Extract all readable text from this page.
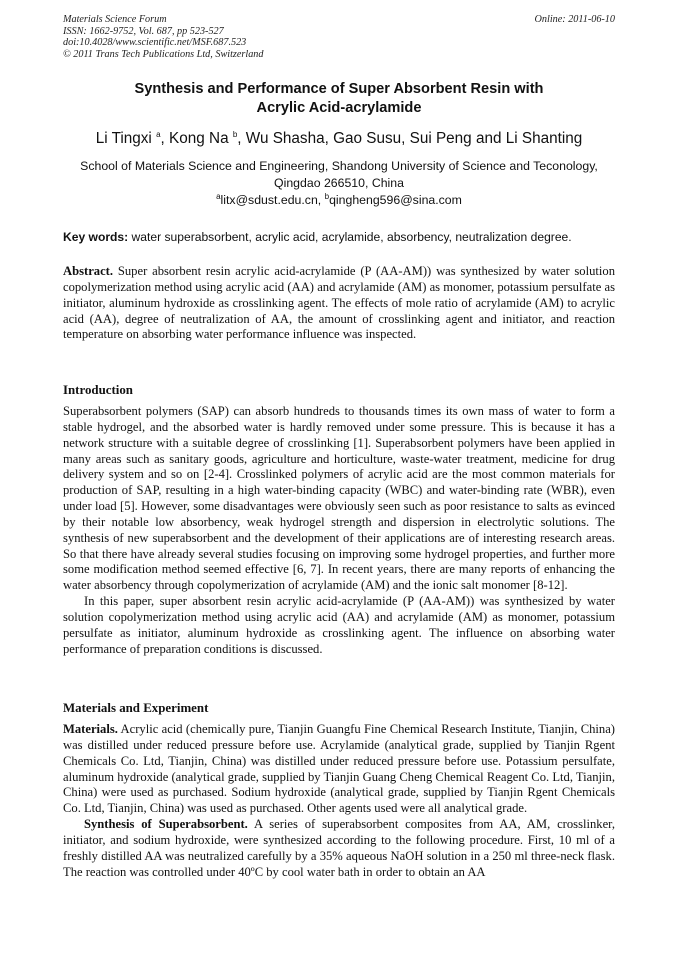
Materials Science Forum
ISSN: 1662-9752, Vol. 687, pp 523-527
doi:10.4028/www.scientific.net/MSF.687.523
© 2011 Trans Tech Publications Ltd, Switzerland
Online: 2011-06-10
Synthesis and Performance of Super Absorbent Resin with
Acrylic Acid-acrylamide
Li Tingxi $^a$, Kong Na $^b$, Wu Shasha, Gao Susu, Sui Peng and Li Shanting
School of Materials Science and Engineering, Shandong University of Science and Teconology,
Qingdao 266510, China
$^a$litx@sdust.edu.cn, $^b$qingheng596@sina.com
Key words: water superabsorbent, acrylic acid, acrylamide, absorbency, neutralization degree.

Abstract. Super absorbent resin acrylic acid-acrylamide (P (AA-AM)) was synthesized by water solution copolymerization method using acrylic acid (AA) and acrylamide (AM) as monomer, potassium persulfate as initiator, aluminum hydroxide as crosslinking agent. The effects of mole ratio of acrylamide (AM) to acrylic acid (AA), degree of neutralization of AA, the amount of crosslinking agent and initiator, and reaction temperature on absorbing water performance influence was inspected.

Introduction

Superabsorbent polymers (SAP) can absorb hundreds to thousands times its own mass of water to form a stable hydrogel, and the absorbed water is hardly removed under some pressure. This is because it has a network structure with a suitable degree of crosslinking [1]. Superabsorbent polymers have been applied in many areas such as sanitary goods, agriculture and horticulture, waste-water treatment, medicine for drug delivery system and so on [2-4]. Crosslinked polymers of acrylic acid are the most common materials for production of SAP, resulting in a high water-binding capacity (WBC) and water-binding rate (WBR), even under load [5]. However, some disadvantages were obviously seen such as poor resistance to salts as evinced by their notable low absorbency, weak hydrogel strength and dispersion in electrolytic solutions. The synthesis of new superabsorbent and the development of their applications are of interesting research areas. So that there have already several studies focusing on improving some hydrogel properties, and further more some modification method seemed effective [6, 7]. In recent years, there are many reports of enhancing the water absorbency through copolymerization of acrylamide (AM) and the ionic salt monomer [8-12].

In this paper, super absorbent resin acrylic acid-acrylamide (P (AA-AM)) was synthesized by water solution copolymerization method using acrylic acid (AA) and acrylamide (AM) as monomer, potassium persulfate as initiator, aluminum hydroxide as crosslinking agent. The influence on absorbing water performance of preparation conditions is discussed.

Materials and Experiment

Materials. Acrylic acid (chemically pure, Tianjin Guangfu Fine Chemical Research Institute, Tianjin, China) was distilled under reduced pressure before use. Acrylamide (analytical grade, supplied by Tianjin Rgent Chemicals Co. Ltd, Tianjin, China) was distilled under reduced pressure before use. Potassium persulfate, aluminum hydroxide (analytical grade, supplied by Tianjin Guang Cheng Chemical Reagent Co. Ltd, Tianjin, China) were used as purchased. Sodium hydroxide (analytical grade, supplied by Tianjin Rgent Chemicals Co. Ltd, Tianjin, China) was used as purchased. Other agents used were all analytical grade.

Synthesis of Superabsorbent. A series of superabsorbent composites from AA, AM, crosslinker, initiator, and sodium hydroxide, were synthesized according to the following procedure. First, 10 ml of a freshly distilled AA was neutralized carefully by a 35% aqueous NaOH solution in a 250 ml three-neck flask. The reaction was controlled under 40ºC by cool water bath in order to obtain an AA
